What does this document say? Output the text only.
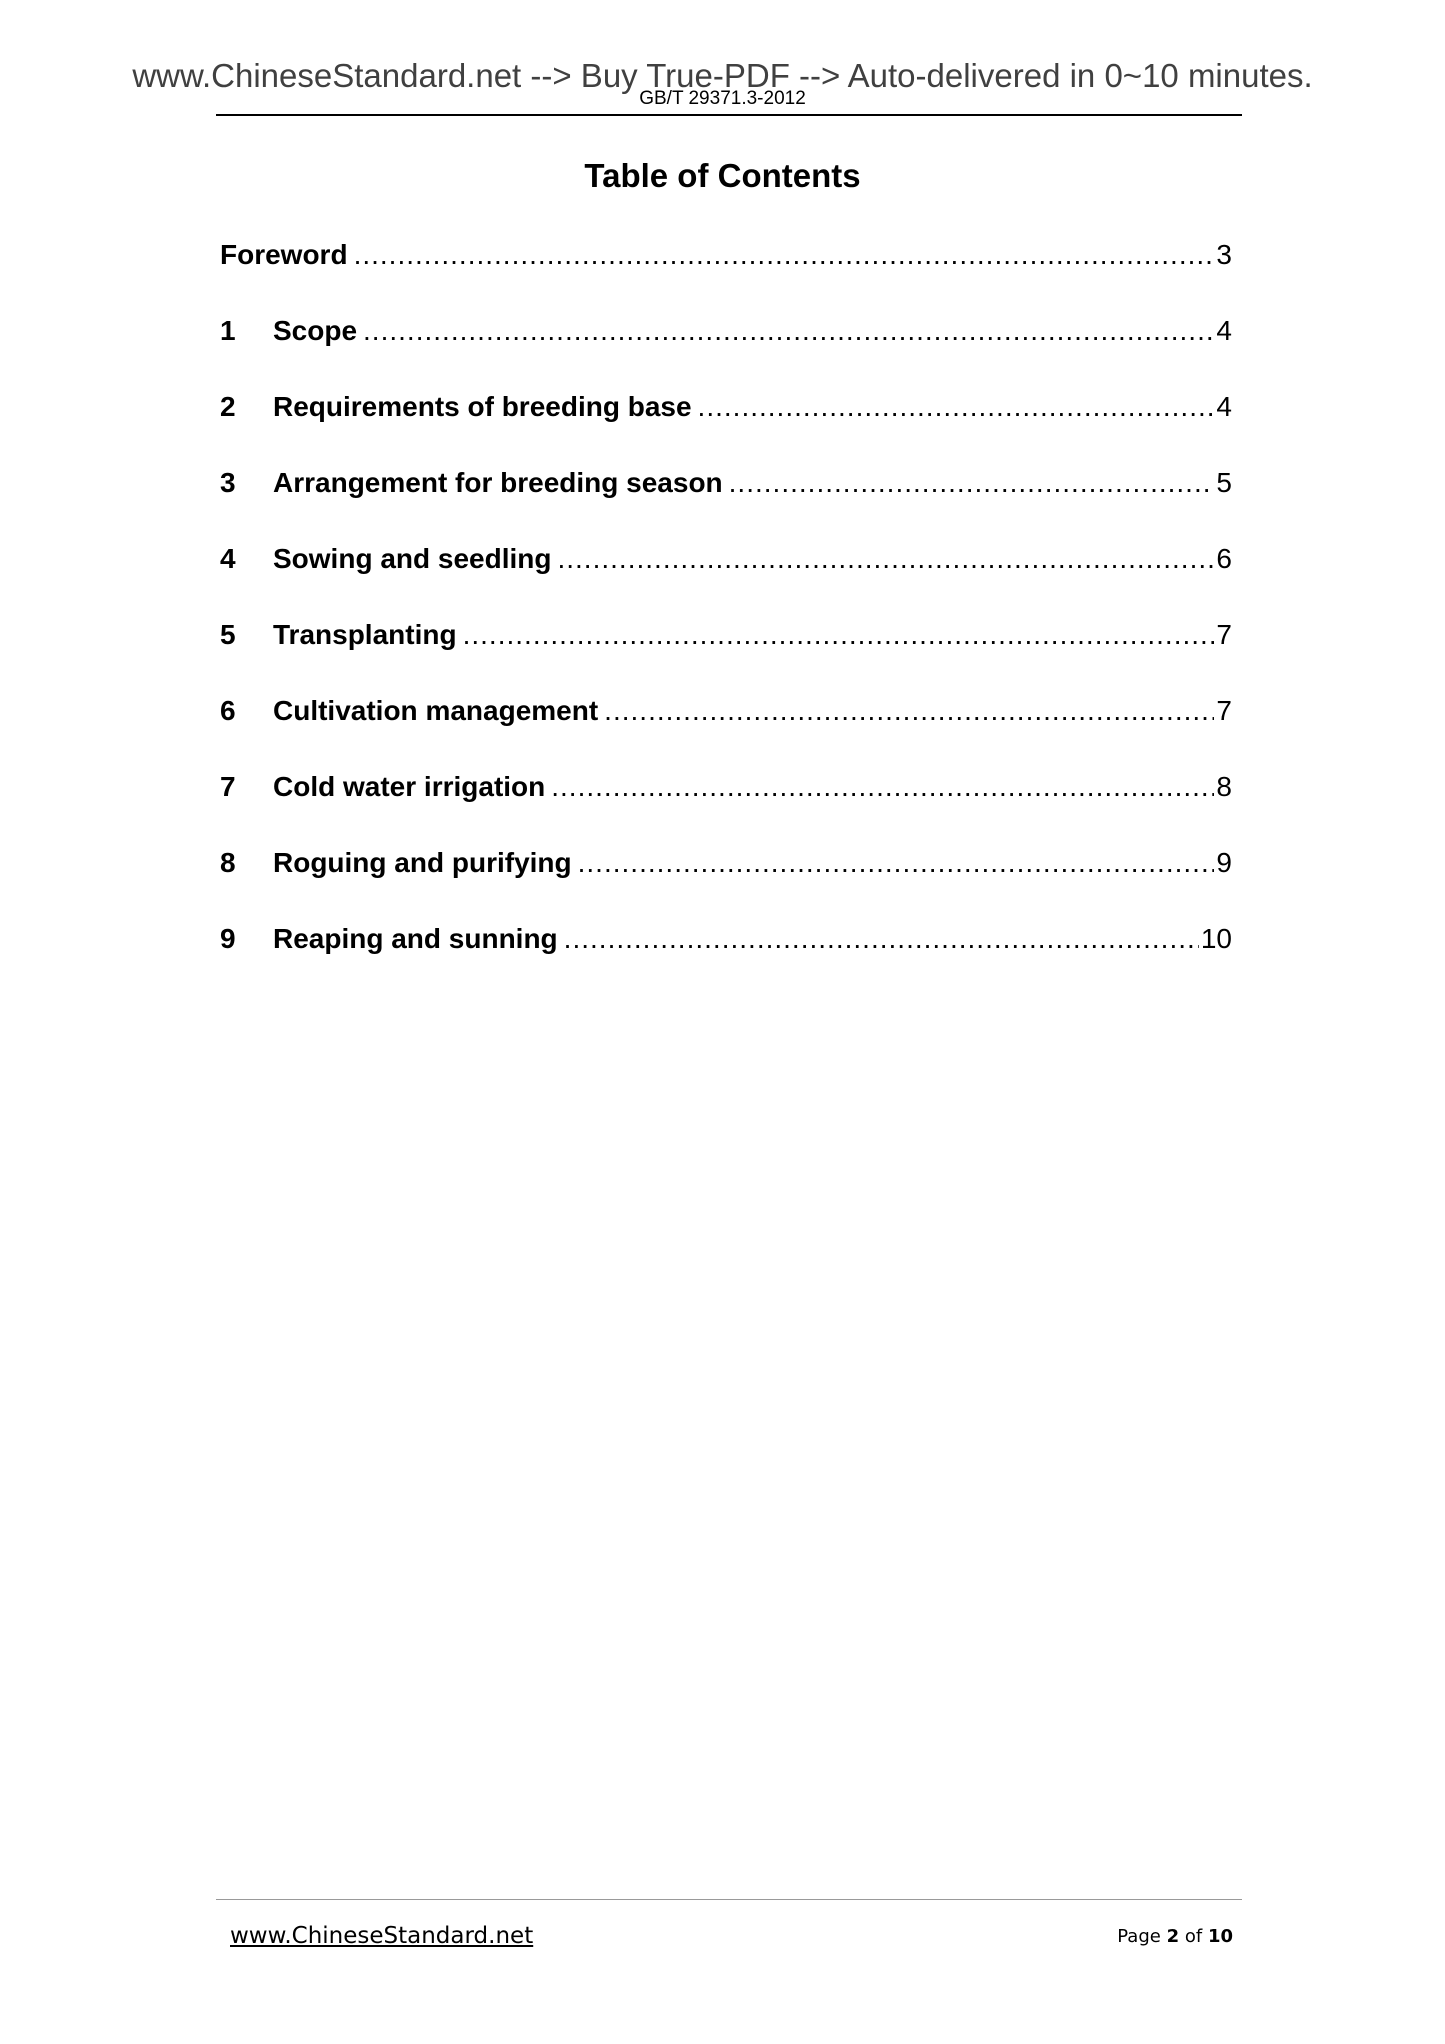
www.ChineseStandard.net --> Buy True-PDF --> Auto-delivered in 0~10 minutes.
GB/T 29371.3-2012
Table of Contents
Foreword .....	3
1	Scope .....	4
2	Requirements of breeding base .....	4
3	Arrangement for breeding season .....	5
4	Sowing and seedling .....	6
5	Transplanting .....	7
6	Cultivation management .....	7
7	Cold water irrigation .....	8
8	Roguing and purifying .....	9
9	Reaping and sunning .....	10
www.ChineseStandard.net	Page 2 of 10
